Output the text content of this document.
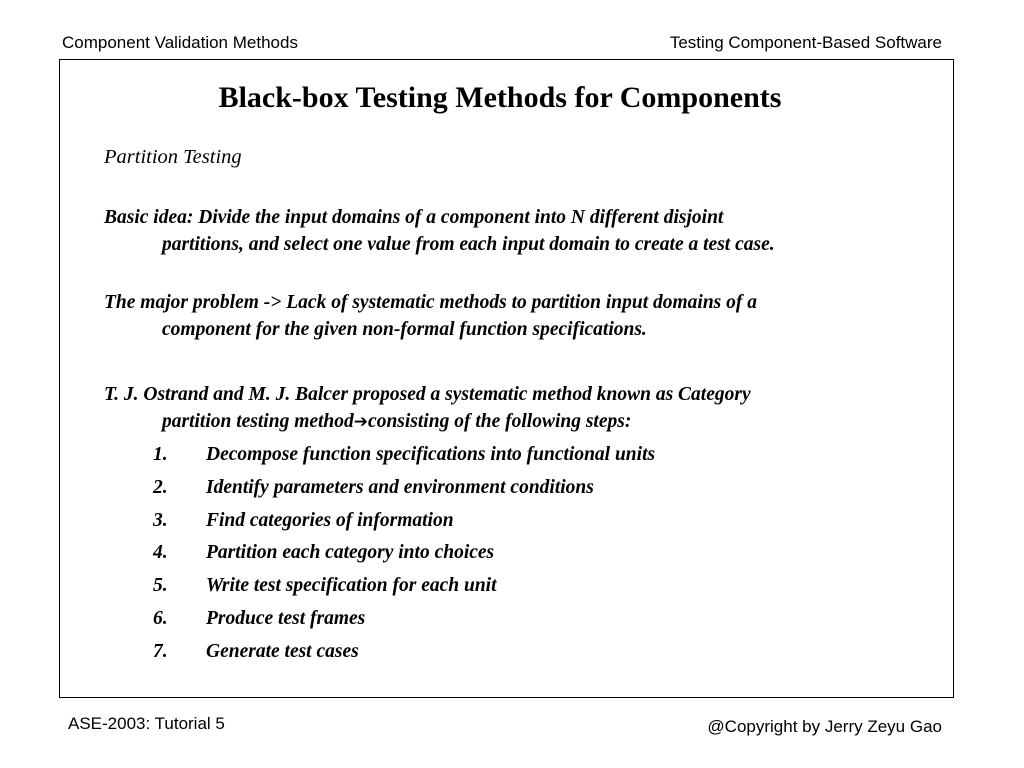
Component Validation Methods	Testing Component-Based Software
Black-box Testing Methods for Components
Partition Testing
Basic idea: Divide the input domains of a component into N different disjoint
partitions, and select one value from each input domain to create a test case.
The major problem -> Lack of systematic methods to partition input domains of a
component for the given non-formal function specifications.
T. J. Ostrand and M. J. Balcer proposed a systematic method known as Category
partition testing method➔consisting of the following steps:
1.	Decompose function specifications into functional units
2.	Identify parameters and environment conditions
3.	Find categories of information
4.	Partition each category into choices
5.	Write test specification for each unit
6.	Produce test frames
7.	Generate test cases
ASE-2003: Tutorial 5	@Copyright by Jerry Zeyu Gao
